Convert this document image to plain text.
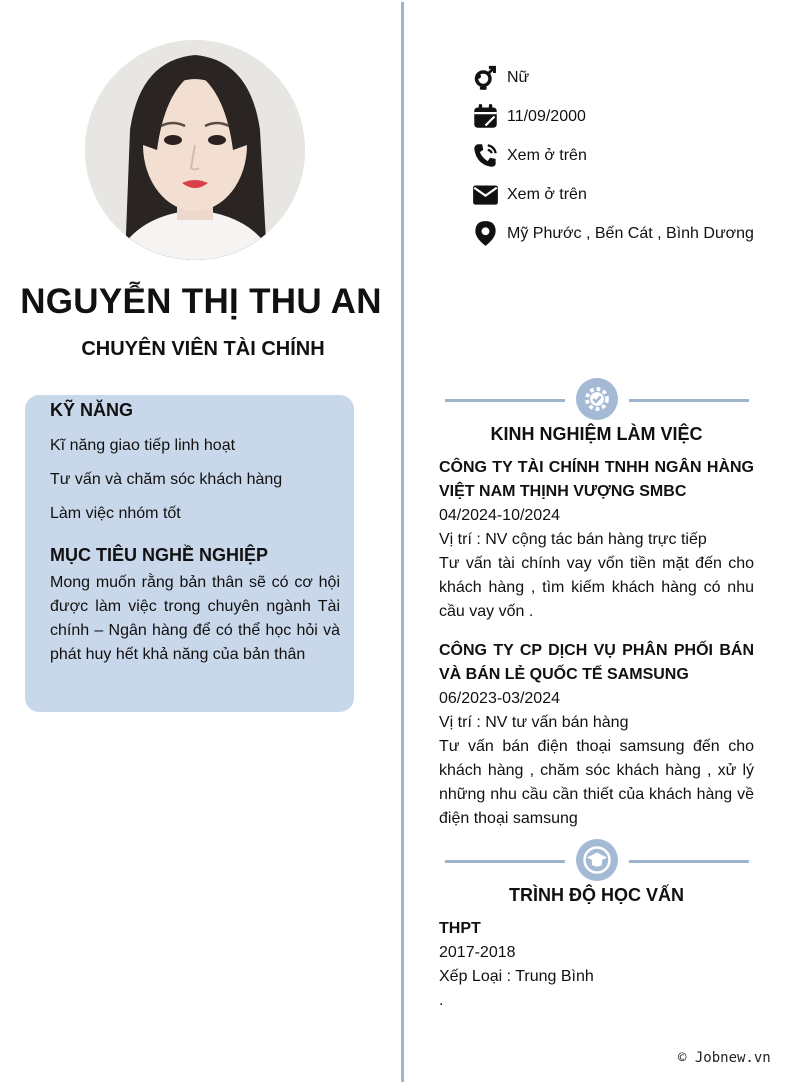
NGUYỄN THỊ THU AN
CHUYÊN VIÊN TÀI CHÍNH
KỸ NĂNG
Kĩ năng giao tiếp linh hoạt
Tư vấn và chăm sóc khách hàng
Làm việc nhóm tốt
MỤC TIÊU NGHỀ NGHIỆP
Mong muốn rằng bản thân sẽ có cơ hội được làm việc trong chuyên ngành Tài chính – Ngân hàng để có thể học hỏi và phát huy hết khả năng của bản thân
Nữ
11/09/2000
Xem ở trên
Xem ở trên
Mỹ Phước , Bến Cát , Bình Dương
KINH NGHIỆM LÀM VIỆC
CÔNG TY TÀI CHÍNH TNHH NGÂN HÀNG VIỆT NAM THỊNH VƯỢNG SMBC
04/2024-10/2024
Vị trí : NV cộng tác bán hàng trực tiếp
Tư vấn tài chính vay vốn tiền mặt đến cho khách hàng , tìm kiếm khách hàng có nhu cầu vay vốn .
CÔNG TY CP DỊCH VỤ PHÂN PHỐI BÁN VÀ BÁN LẺ QUỐC TẾ SAMSUNG
06/2023-03/2024
Vị trí : NV tư vấn bán hàng
Tư vấn bán điện thoại samsung đến cho khách hàng , chăm sóc khách hàng , xử lý những nhu cầu cần thiết của khách hàng về điện thoại samsung
TRÌNH ĐỘ HỌC VẤN
THPT
2017-2018
Xếp Loại : Trung Bình
.
© Jobnew.vn
